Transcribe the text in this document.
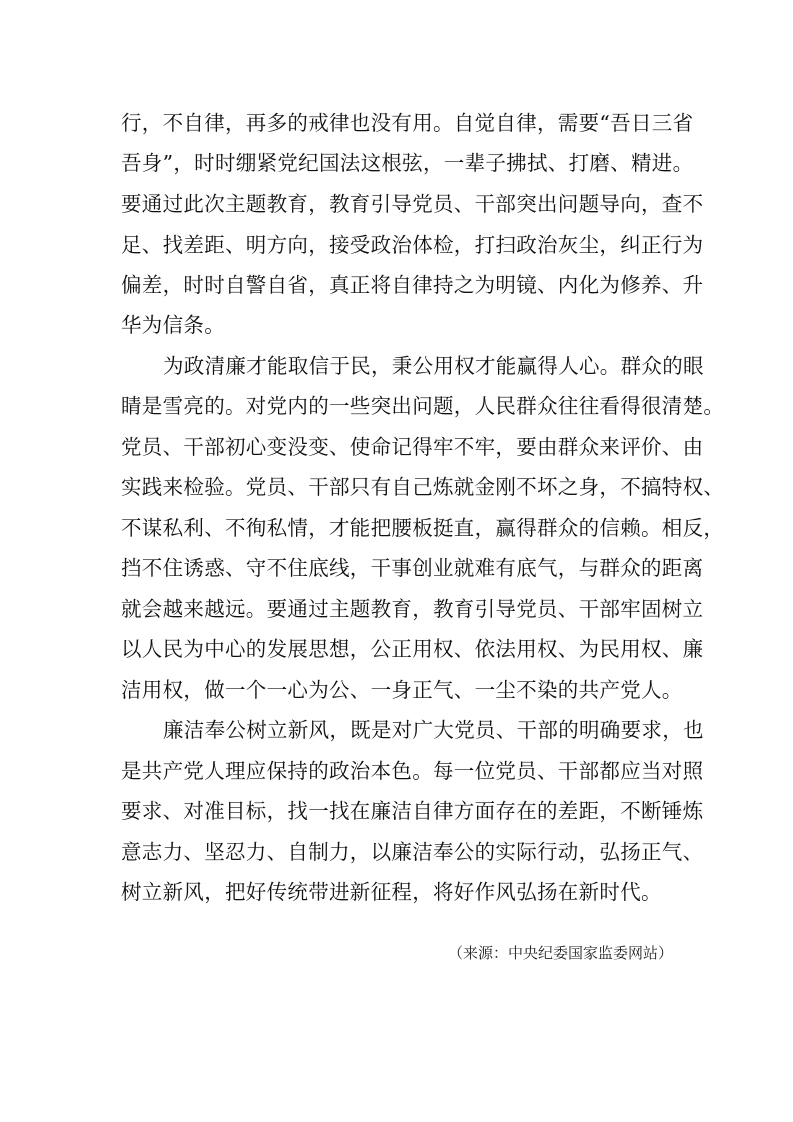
行，不自律，再多的戒律也没有用。自觉自律，需要“吾日三省
吾身”，时时绷紧党纪国法这根弦，一辈子拂拭、打磨、精进。
要通过此次主题教育，教育引导党员、干部突出问题导向，查不
足、找差距、明方向，接受政治体检，打扫政治灰尘，纠正行为
偏差，时时自警自省，真正将自律持之为明镜、内化为修养、升
华为信条。
为政清廉才能取信于民，秉公用权才能赢得人心。群众的眼
睛是雪亮的。对党内的一些突出问题，人民群众往往看得很清楚。
党员、干部初心变没变、使命记得牢不牢，要由群众来评价、由
实践来检验。党员、干部只有自己炼就金刚不坏之身，不搞特权、
不谋私利、不徇私情，才能把腰板挺直，赢得群众的信赖。相反，
挡不住诱惑、守不住底线，干事创业就难有底气，与群众的距离
就会越来越远。要通过主题教育，教育引导党员、干部牢固树立
以人民为中心的发展思想，公正用权、依法用权、为民用权、廉
洁用权，做一个一心为公、一身正气、一尘不染的共产党人。
廉洁奉公树立新风，既是对广大党员、干部的明确要求，也
是共产党人理应保持的政治本色。每一位党员、干部都应当对照
要求、对准目标，找一找在廉洁自律方面存在的差距，不断锤炼
意志力、坚忍力、自制力，以廉洁奉公的实际行动，弘扬正气、
树立新风，把好传统带进新征程，将好作风弘扬在新时代。
（来源：中央纪委国家监委网站）
